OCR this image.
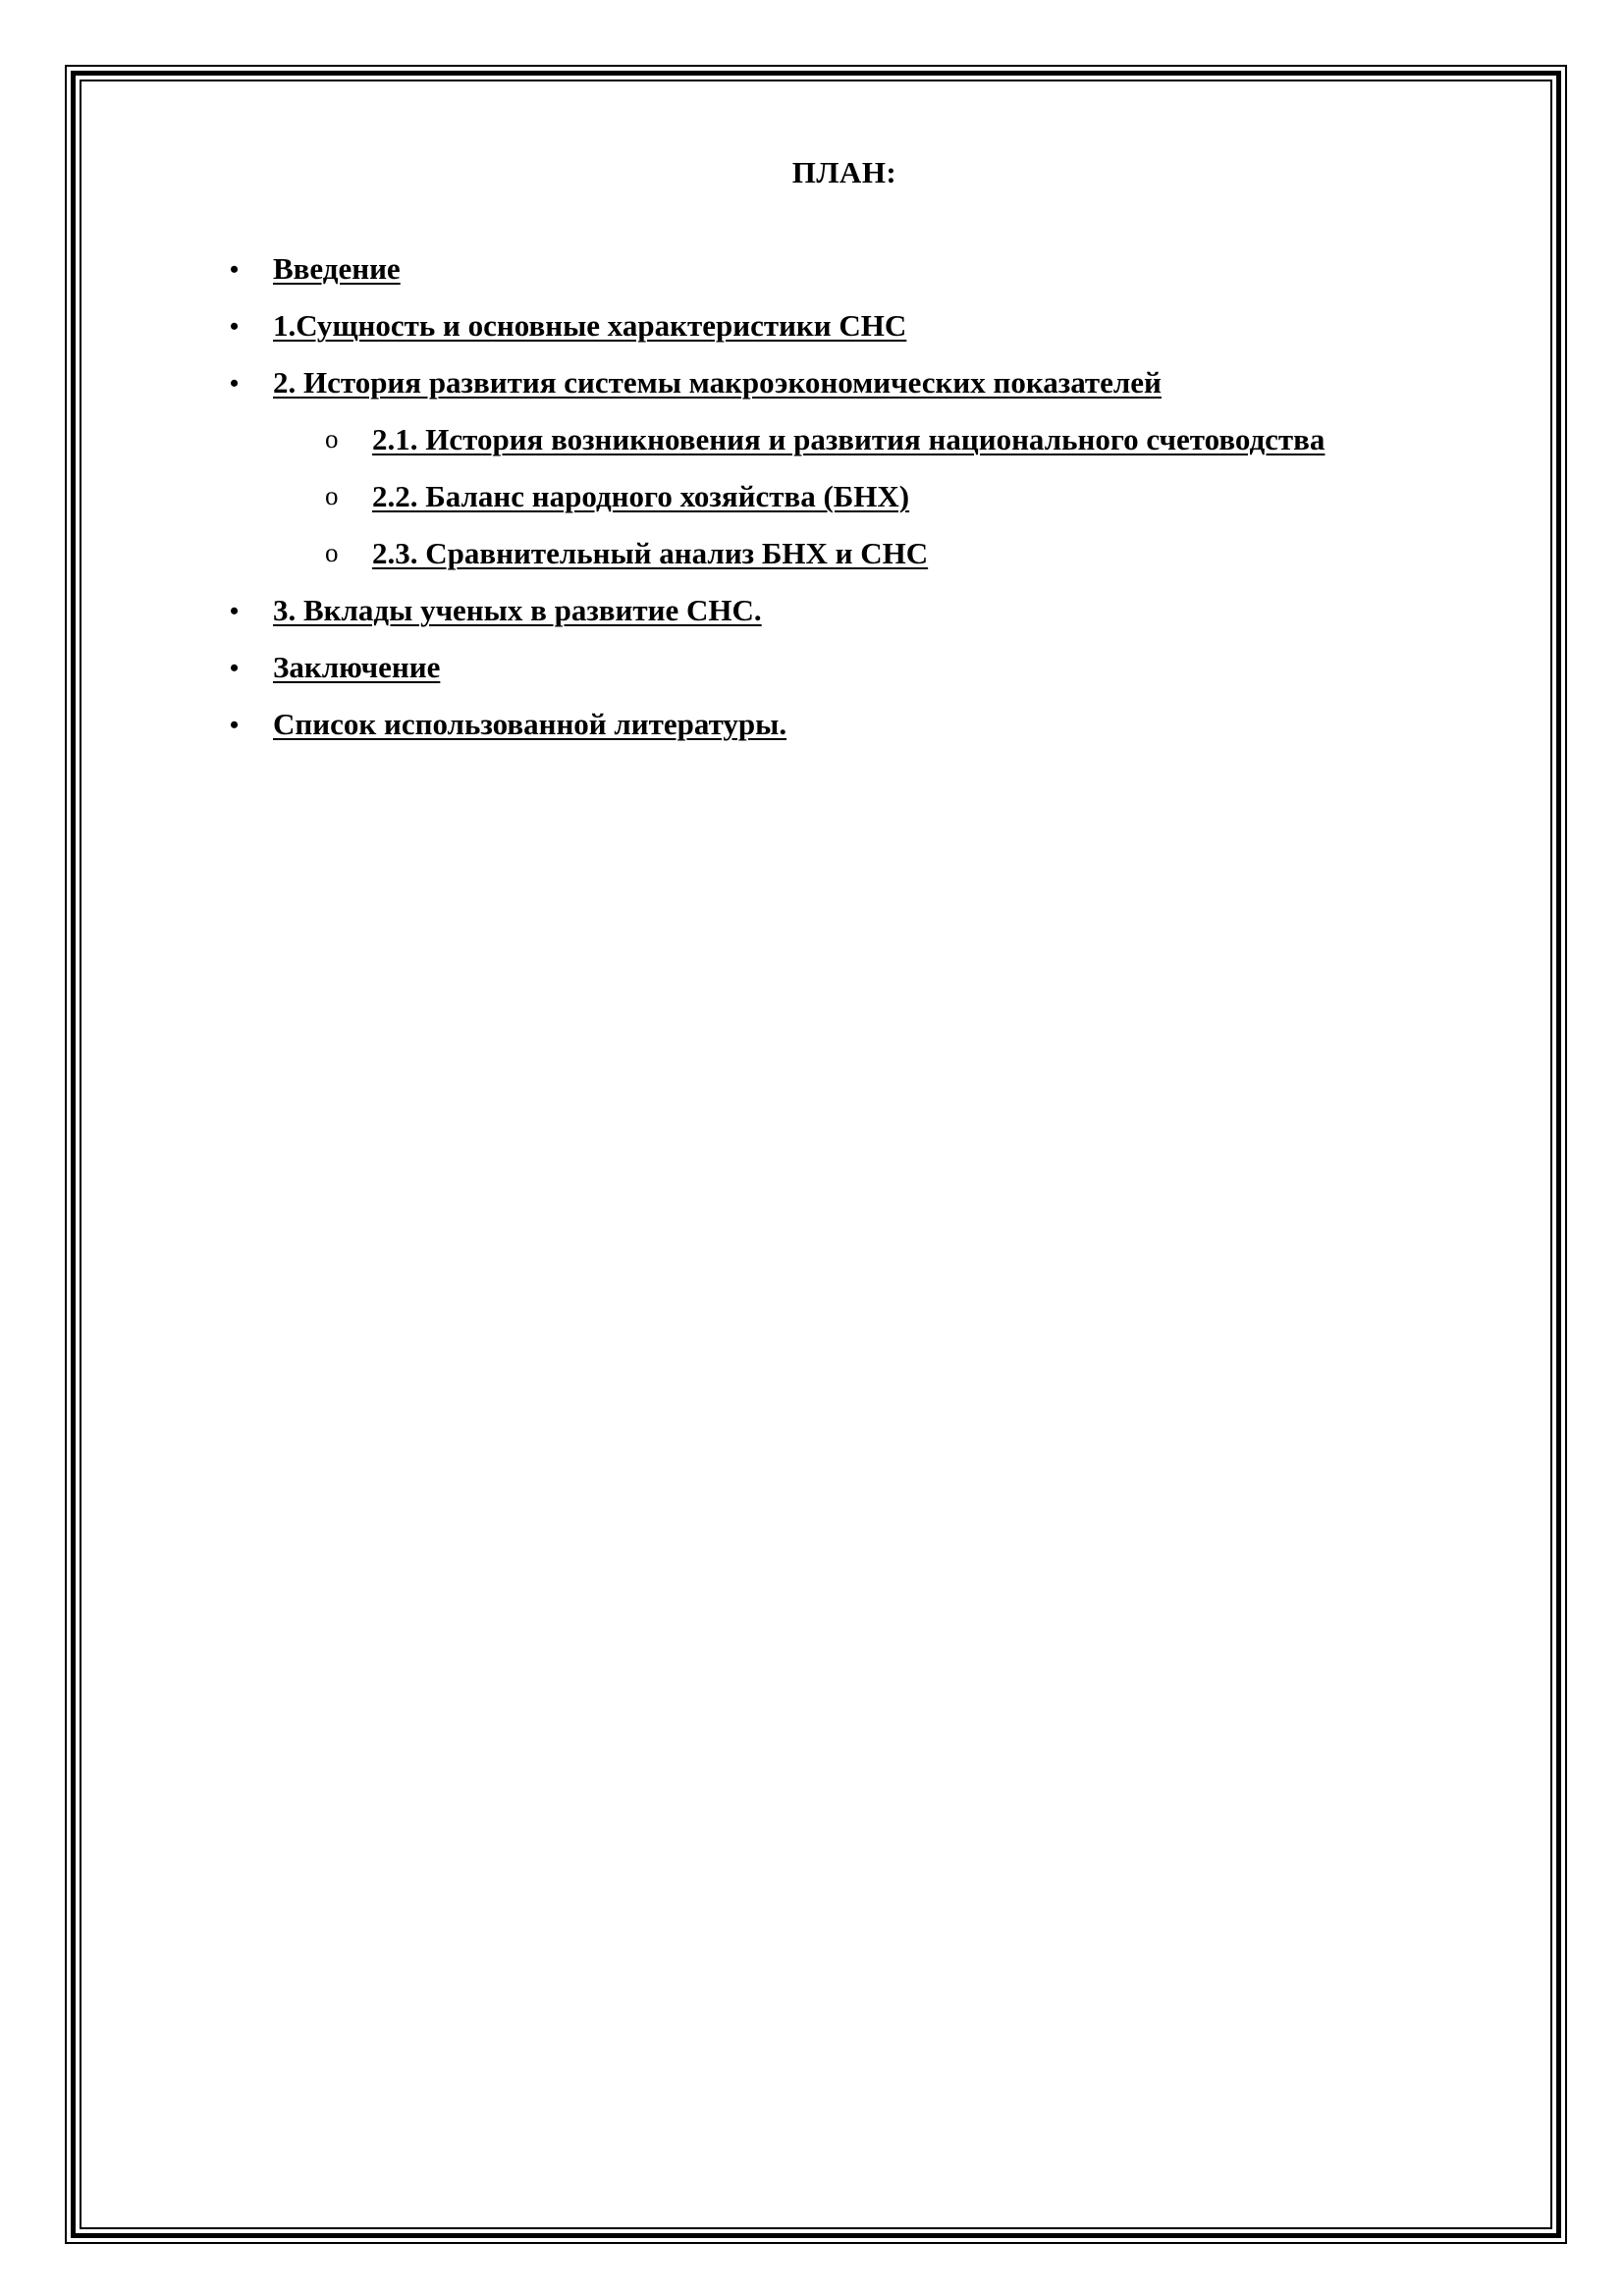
ПЛАН:
• Введение
• 1.Сущность и основные характеристики СНС
• 2. История развития системы макроэкономических показателей
o 2.1. История возникновения и развития национального счетоводства
o 2.2. Баланс народного хозяйства (БНХ)
o 2.3. Сравнительный анализ БНХ и СНС
• 3. Вклады ученых в развитие СНС.
• Заключение
• Список использованной литературы.
